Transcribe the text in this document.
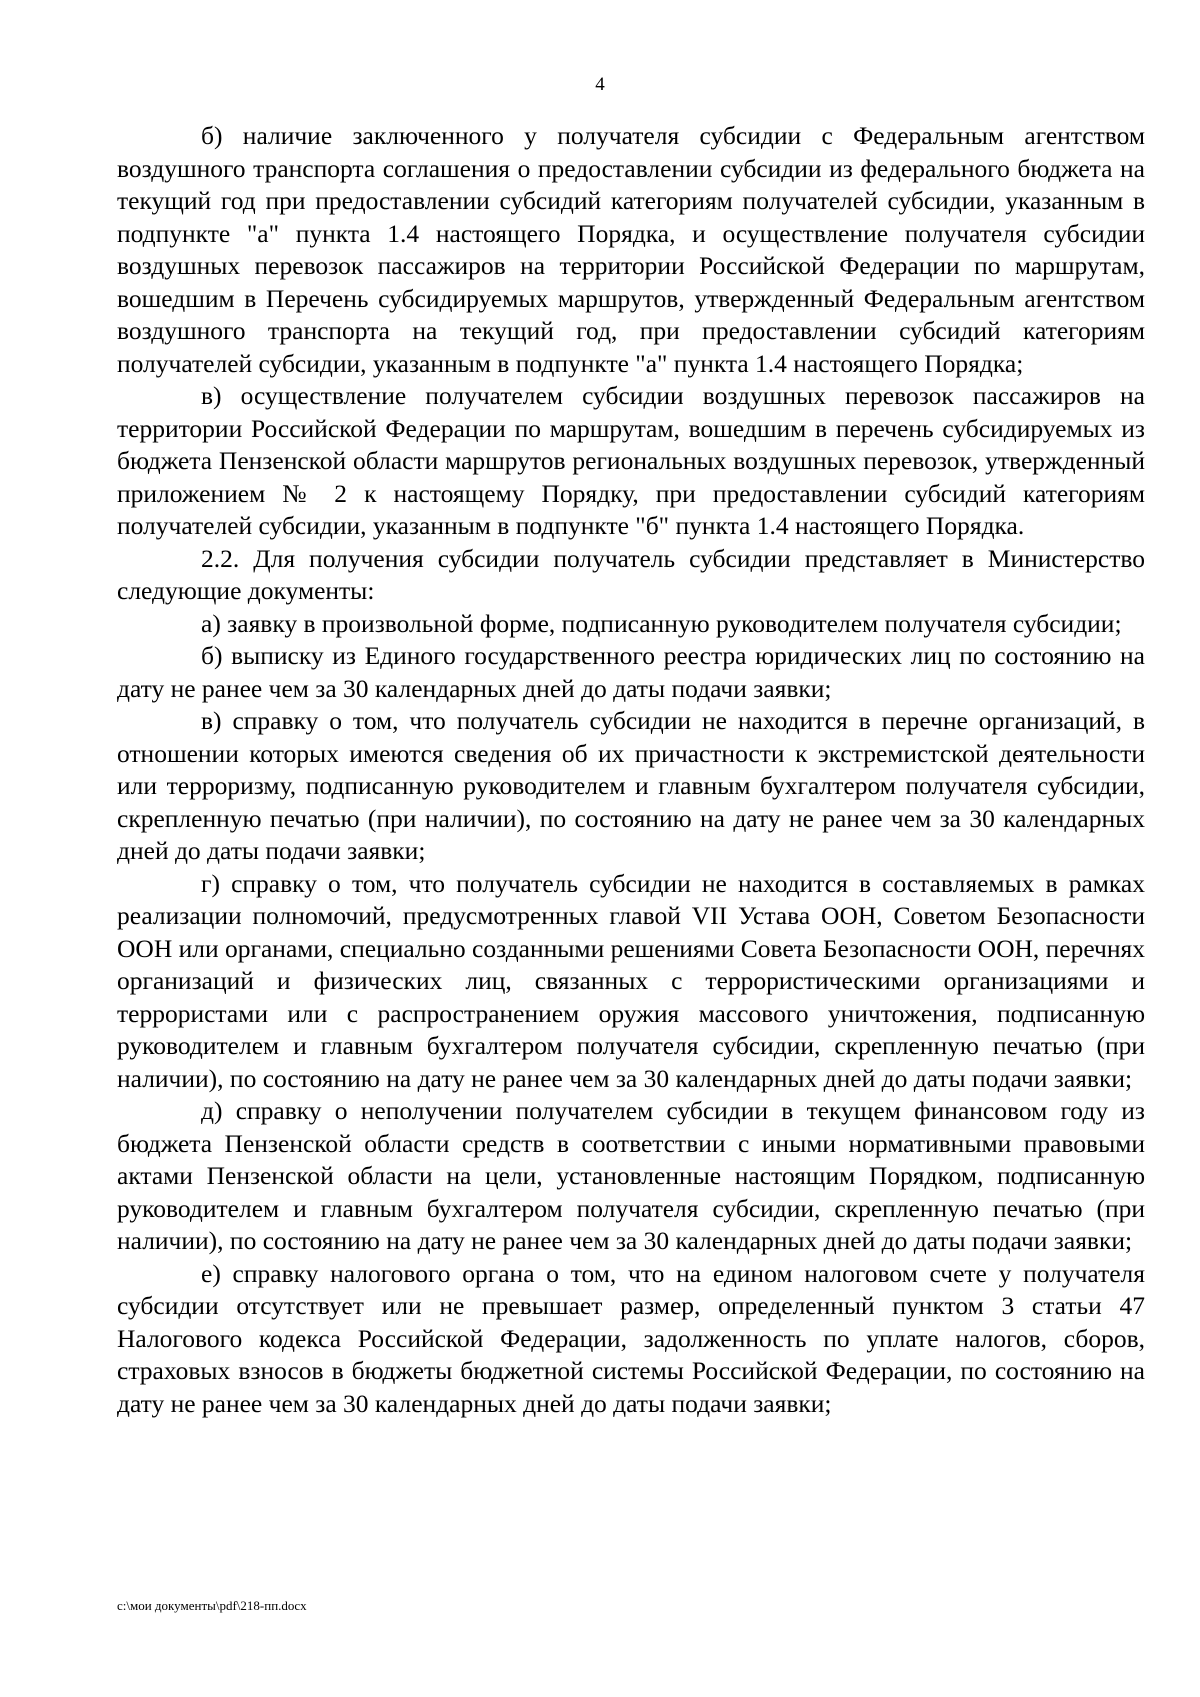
4

б) наличие заключенного у получателя субсидии с Федеральным агентством воздушного транспорта соглашения о предоставлении субсидии из федерального бюджета на текущий год при предоставлении субсидий категориям получателей субсидии, указанным в подпункте "а" пункта 1.4 настоящего Порядка, и осуществление получателя субсидии воздушных перевозок пассажиров на территории Российской Федерации по маршрутам, вошедшим в Перечень субсидируемых маршрутов, утвержденный Федеральным агентством воздушного транспорта на текущий год, при предоставлении субсидий категориям получателей субсидии, указанным в подпункте "а" пункта 1.4 настоящего Порядка;

в) осуществление получателем субсидии воздушных перевозок пассажиров на территории Российской Федерации по маршрутам, вошедшим в перечень субсидируемых из бюджета Пензенской области маршрутов региональных воздушных перевозок, утвержденный приложением № 2 к настоящему Порядку, при предоставлении субсидий категориям получателей субсидии, указанным в подпункте "б" пункта 1.4 настоящего Порядка.

2.2. Для получения субсидии получатель субсидии представляет в Министерство следующие документы:

а) заявку в произвольной форме, подписанную руководителем получателя субсидии;

б) выписку из Единого государственного реестра юридических лиц по состоянию на дату не ранее чем за 30 календарных дней до даты подачи заявки;

в) справку о том, что получатель субсидии не находится в перечне организаций, в отношении которых имеются сведения об их причастности к экстремистской деятельности или терроризму, подписанную руководителем и главным бухгалтером получателя субсидии, скрепленную печатью (при наличии), по состоянию на дату не ранее чем за 30 календарных дней до даты подачи заявки;

г) справку о том, что получатель субсидии не находится в составляемых в рамках реализации полномочий, предусмотренных главой VII Устава ООН, Советом Безопасности ООН или органами, специально созданными решениями Совета Безопасности ООН, перечнях организаций и физических лиц, связанных с террористическими организациями и террористами или с распространением оружия массового уничтожения, подписанную руководителем и главным бухгалтером получателя субсидии, скрепленную печатью (при наличии), по состоянию на дату не ранее чем за 30 календарных дней до даты подачи заявки;

д) справку о неполучении получателем субсидии в текущем финансовом году из бюджета Пензенской области средств в соответствии с иными нормативными правовыми актами Пензенской области на цели, установленные настоящим Порядком, подписанную руководителем и главным бухгалтером получателя субсидии, скрепленную печатью (при наличии), по состоянию на дату не ранее чем за 30 календарных дней до даты подачи заявки;

е) справку налогового органа о том, что на едином налоговом счете у получателя субсидии отсутствует или не превышает размер, определенный пунктом 3 статьи 47 Налогового кодекса Российской Федерации, задолженность по уплате налогов, сборов, страховых взносов в бюджеты бюджетной системы Российской Федерации, по состоянию на дату не ранее чем за 30 календарных дней до даты подачи заявки;

c:\мои документы\pdf\218-пп.docx
